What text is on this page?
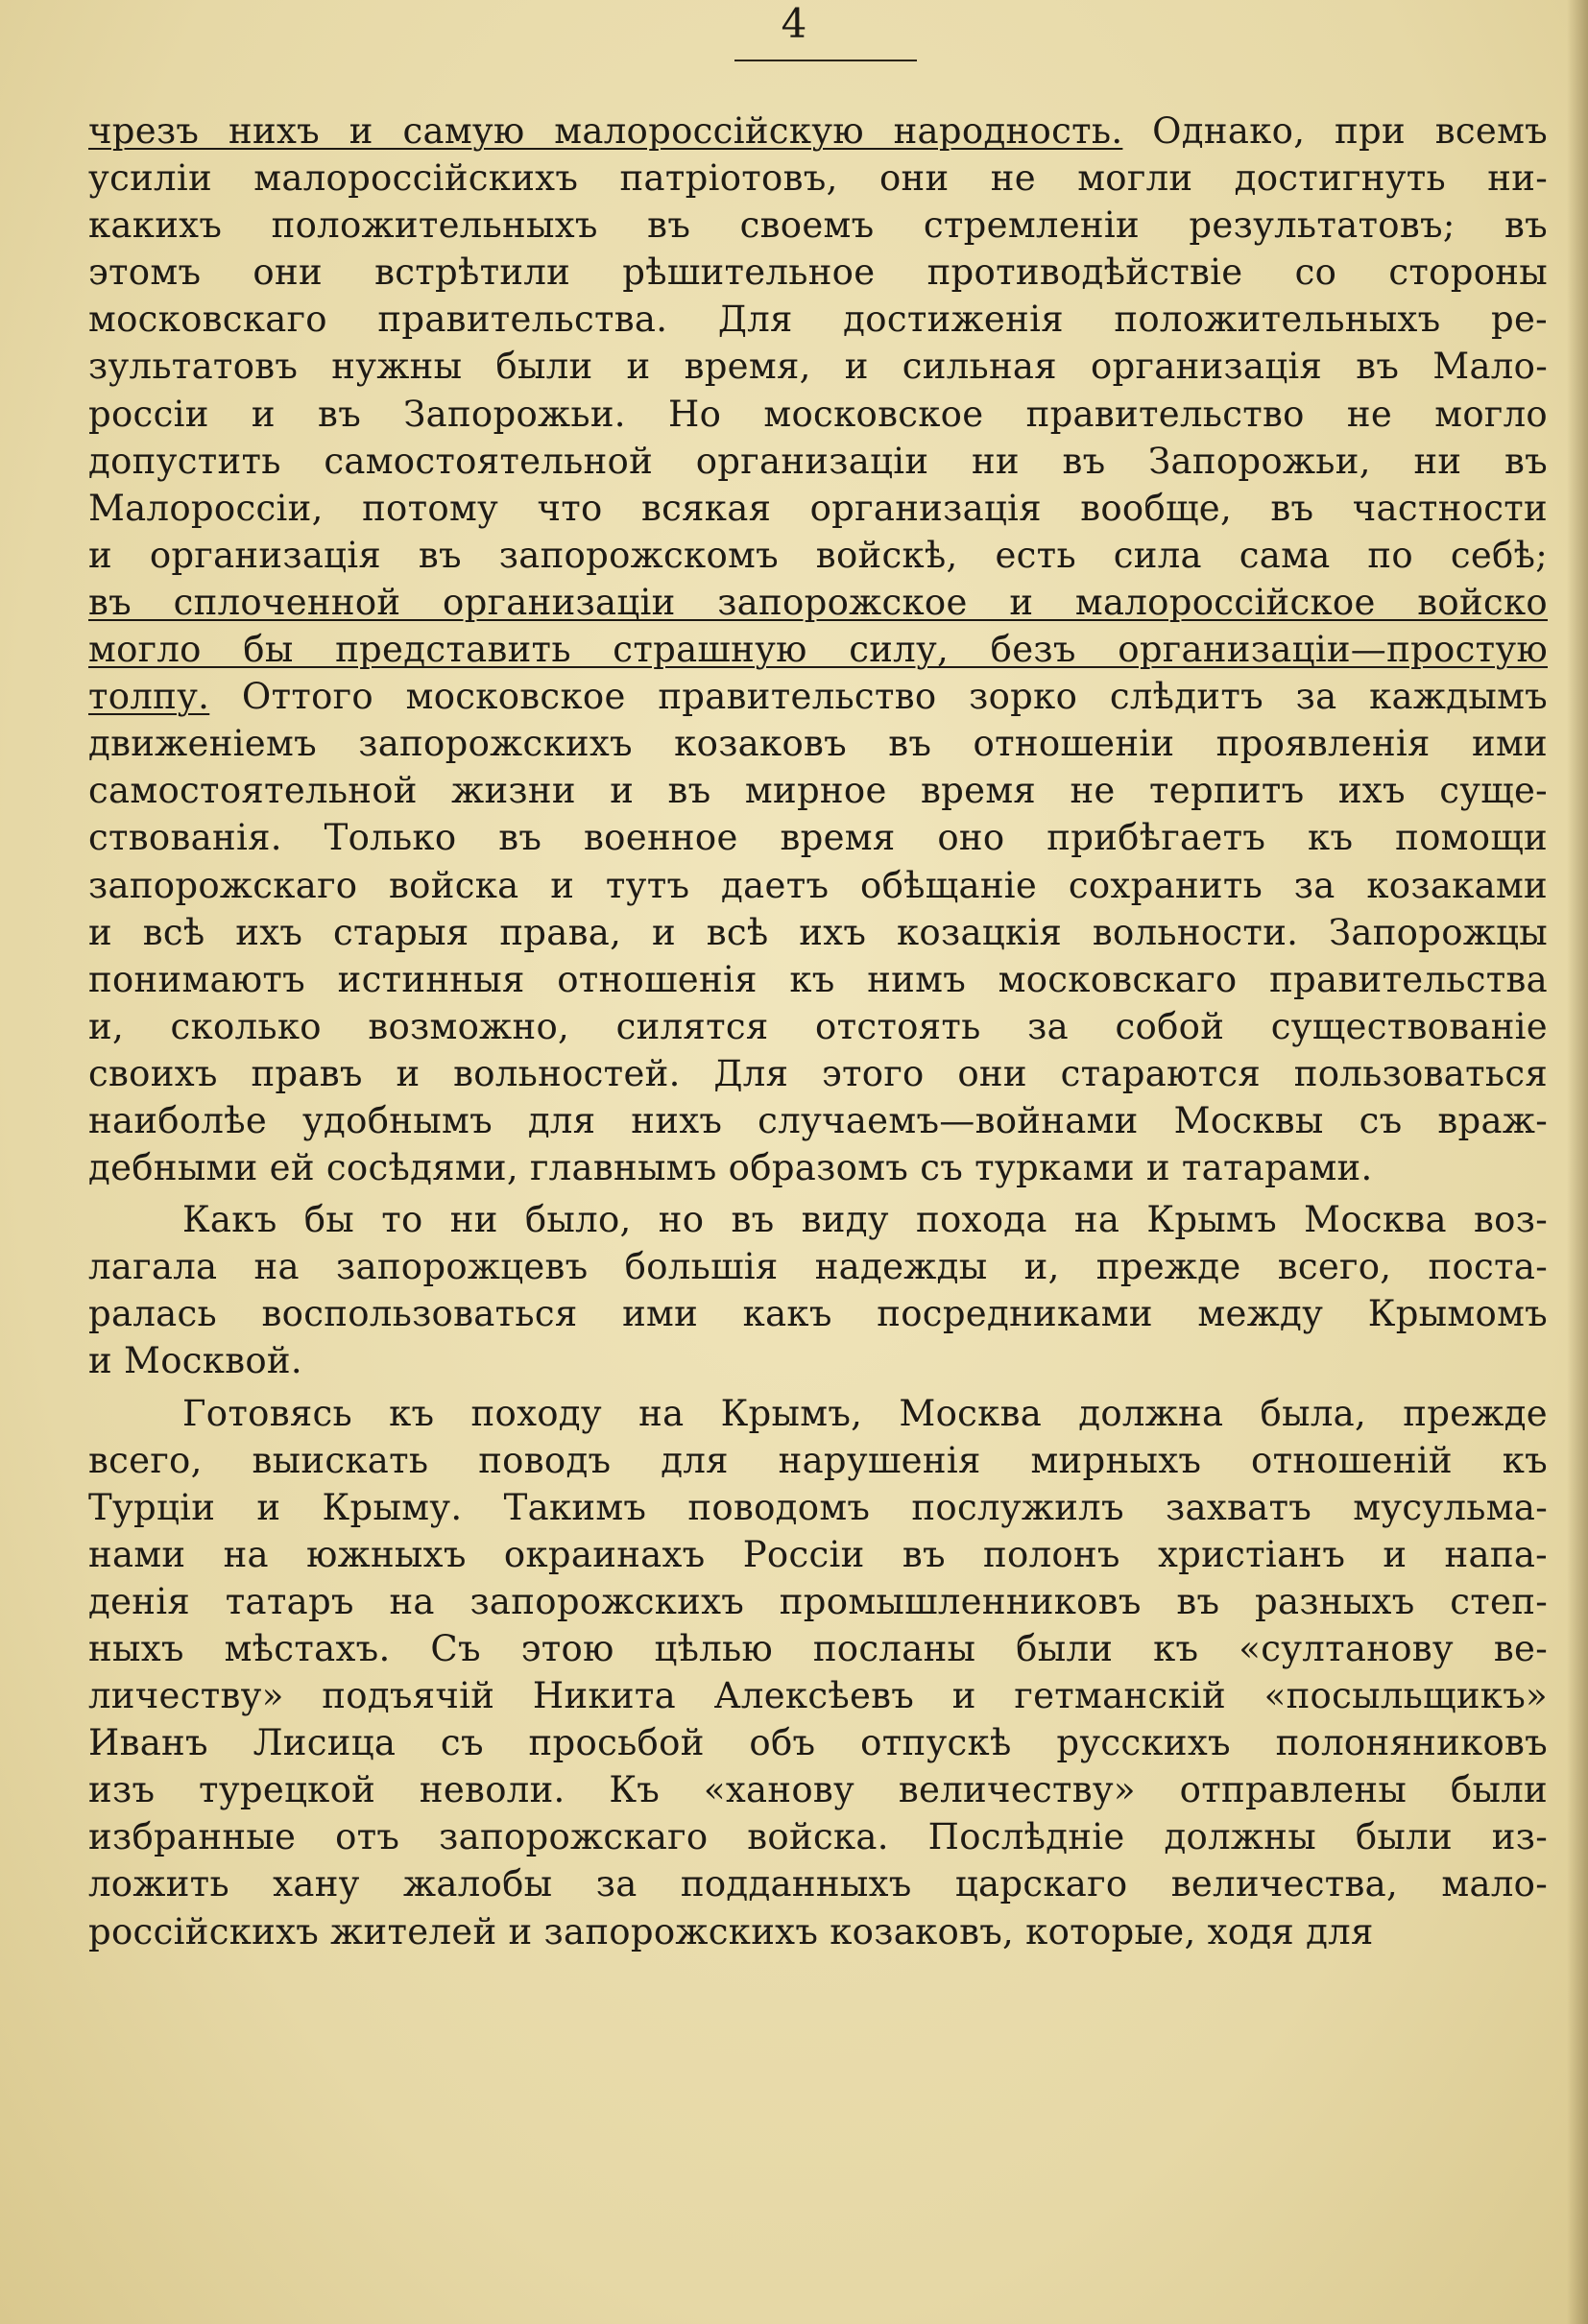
4
чрезъ нихъ и самую малороссiйскую народность. Однако, при всемъ
усилiи малороссiйскихъ патрiотовъ, они не могли достигнуть ни-
какихъ положительныхъ въ своемъ стремленiи результатовъ; въ
этомъ они встрѣтили рѣшительное противодѣйствiе со стороны
московскаго правительства. Для достиженiя положительныхъ ре-
зультатовъ нужны были и время, и сильная организацiя въ Мало-
россiи и въ Запорожьи. Но московское правительство не могло
допустить самостоятельной организацiи ни въ Запорожьи, ни въ
Малороссiи, потому что всякая организацiя вообще, въ частности
и организацiя въ запорожскомъ войскѣ, есть сила сама по себѣ;
въ сплоченной организацiи запорожское и малороссiйское войско
могло бы представить страшную силу, безъ организацiи—простую
толпу. Оттого московское правительство зорко слѣдитъ за каждымъ
движенiемъ запорожскихъ козаковъ въ отношенiи проявленiя ими
самостоятельной жизни и въ мирное время не терпитъ ихъ суще-
ствованiя. Только въ военное время оно прибѣгаетъ къ помощи
запорожскаго войска и тутъ даетъ обѣщанiе сохранить за козаками
и всѣ ихъ старыя права, и всѣ ихъ козацкiя вольности. Запорожцы
понимаютъ истинныя отношенiя къ нимъ московскаго правительства
и, сколько возможно, силятся отстоять за собой существованiе
своихъ правъ и вольностей. Для этого они стараются пользоваться
наиболѣе удобнымъ для нихъ случаемъ—войнами Москвы съ враж-
дебными ей сосѣдями, главнымъ образомъ съ турками и татарами.
Какъ бы то ни было, но въ виду похода на Крымъ Москва воз-
лагала на запорожцевъ большiя надежды и, прежде всего, поста-
ралась воспользоваться ими какъ посредниками между Крымомъ
и Москвой.
Готовясь къ походу на Крымъ, Москва должна была, прежде
всего, выискать поводъ для нарушенiя мирныхъ отношенiй къ
Турцiи и Крыму. Такимъ поводомъ послужилъ захватъ мусульма-
нами на южныхъ окраинахъ Россiи въ полонъ христiанъ и напа-
денiя татаръ на запорожскихъ промышленниковъ въ разныхъ степ-
ныхъ мѣстахъ. Съ этою цѣлью посланы были къ «султанову ве-
личеству» подъячiй Никита Алексѣевъ и гетманскiй «посыльщикъ»
Иванъ Лисица съ просьбой объ отпускѣ русскихъ полоняниковъ
изъ турецкой неволи. Къ «ханову величеству» отправлены были
избранные отъ запорожскаго войска. Послѣднiе должны были из-
ложить хану жалобы за подданныхъ царскаго величества, мало-
россiйскихъ жителей и запорожскихъ козаковъ, которые, ходя для
